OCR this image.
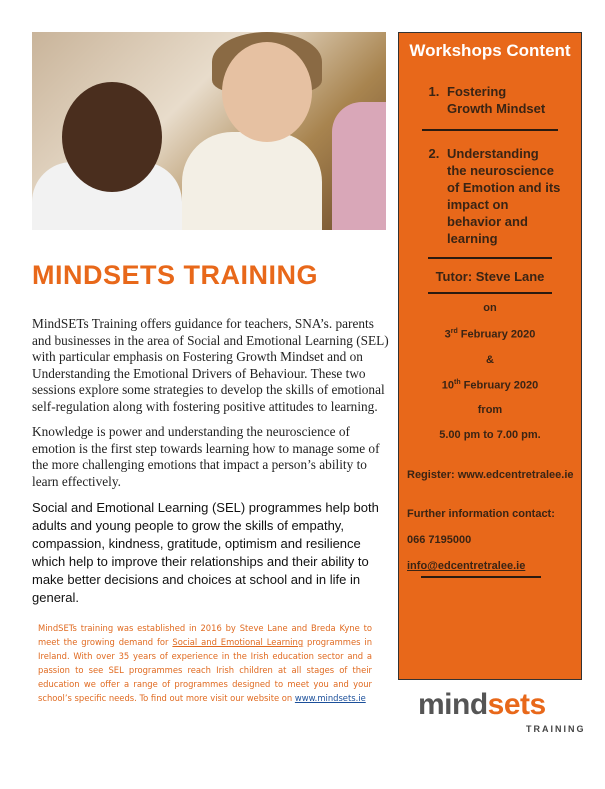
MINDSETS TRAINING

MindSETs Training offers guidance for teachers, SNA’s. parents and businesses in the area of Social and Emotional Learning (SEL) with particular emphasis on Fostering Growth Mindset and on Understanding the Emotional Drivers of Behaviour. These two sessions explore some strategies to develop the skills of emotional self-regulation along with fostering positive attitudes to learning.

Knowledge is power and understanding the neuroscience of emotion is the first step towards learning how to manage some of the more challenging emotions that impact a person’s ability to learn effectively.

Social and Emotional Learning (SEL) programmes help both adults and young people to grow the skills of empathy, compassion, kindness, gratitude, optimism and resilience which help to improve their relationships and their ability to make better decisions and choices at school and in life in general.

MindSETs training was established in 2016 by Steve Lane and Breda Kyne to meet the growing demand for Social and Emotional Learning programmes in Ireland. With over 35 years of experience in the Irish education sector and a passion to see SEL programmes reach Irish children at all stages of their education we offer a range of programmes designed to meet you and your school’s specific needs. To find out more visit our website on www.mindsets.ie

Workshops Content
1. Fostering Growth Mindset
2. Understanding the neuroscience of Emotion and its impact on behavior and learning
Tutor: Steve Lane
on
3rd February 2020
&
10th February 2020
from
5.00 pm to 7.00 pm.
Register: www.edcentretralee.ie
Further information contact:
066 7195000
info@edcentretralee.ie
mindsets
TRAINING
